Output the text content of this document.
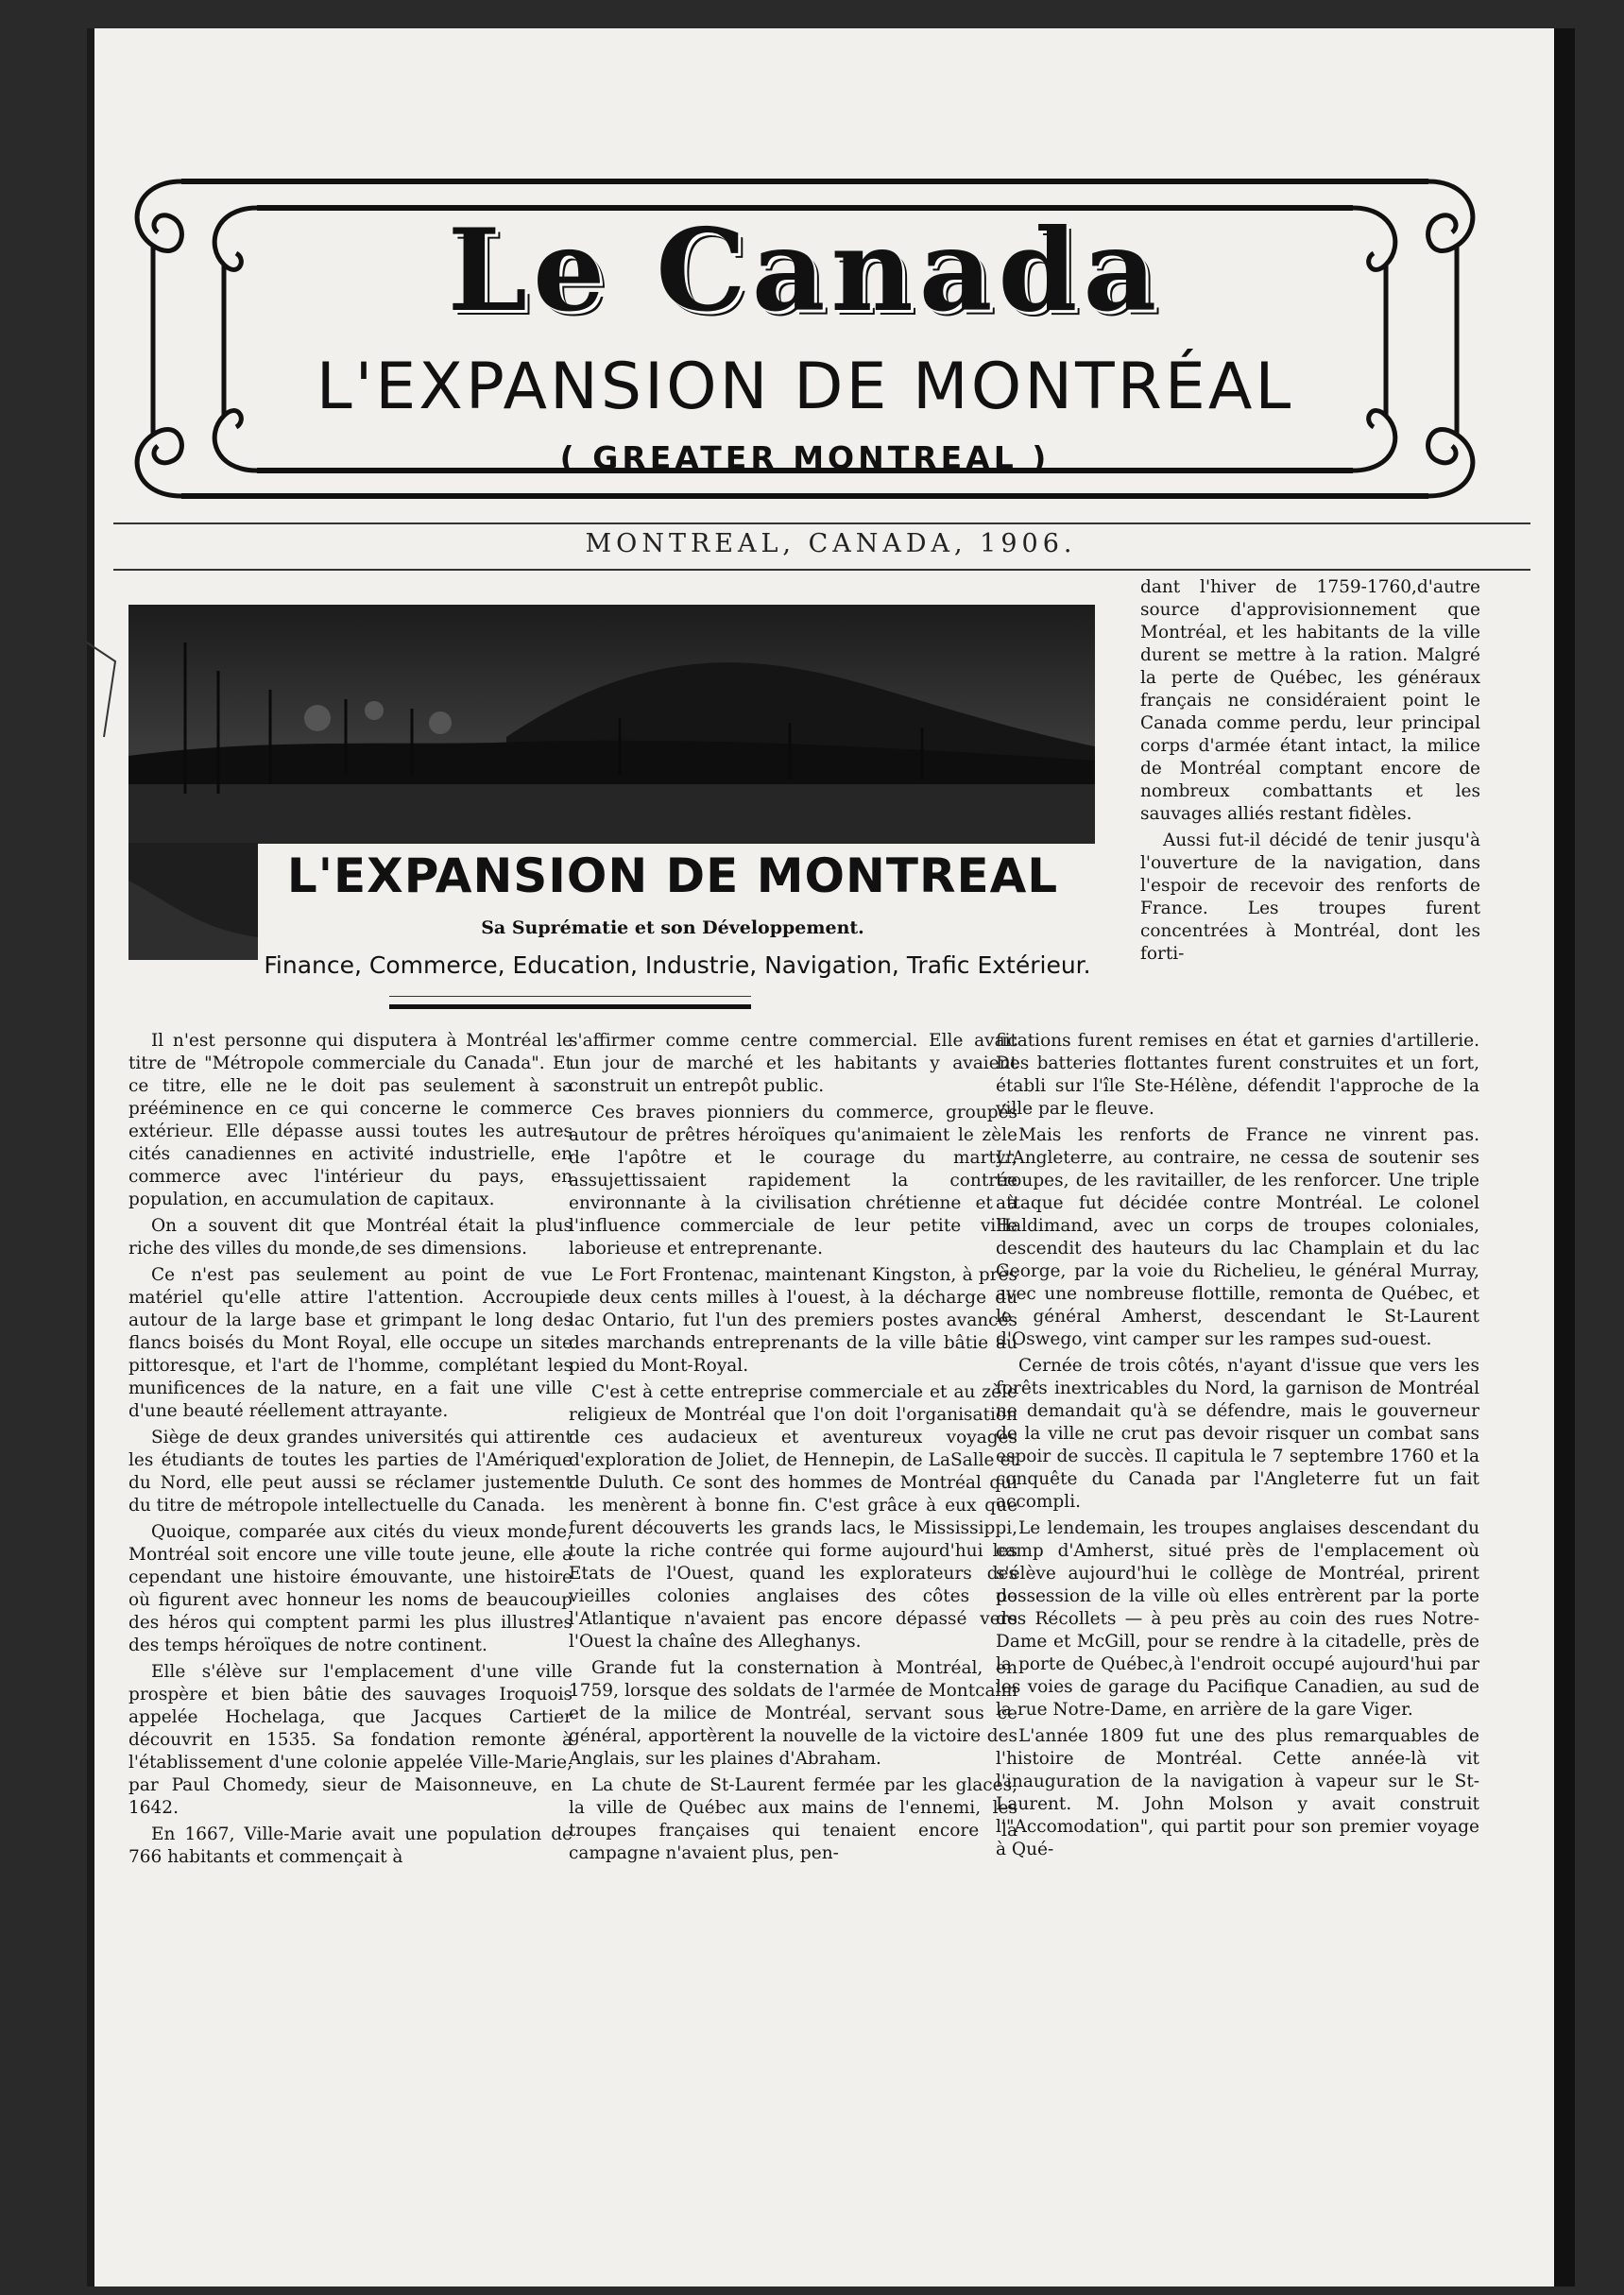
Le Canada
L'EXPANSION DE MONTRÉAL
( GREATER MONTREAL )
MONTREAL, CANADA, 1906.
L'EXPANSION DE MONTREAL
Sa Suprématie et son Développement.
Finance, Commerce, Education, Industrie, Navigation, Trafic Extérieur.

Il n'est personne qui disputera à Montréal le titre de "Métropole commerciale du Canada". Et ce titre, elle ne le doit pas seulement à sa prééminence en ce qui concerne le commerce extérieur. Elle dépasse aussi toutes les autres cités canadiennes en activité industrielle, en commerce avec l'intérieur du pays, en population, en accumulation de capitaux.

On a souvent dit que Montréal était la plus riche des villes du monde,de ses dimensions.

Ce n'est pas seulement au point de vue matériel qu'elle attire l'attention. Accroupie autour de la large base et grimpant le long des flancs boisés du Mont Royal, elle occupe un site pittoresque, et l'art de l'homme, complétant les munificences de la nature, en a fait une ville d'une beauté réellement attrayante.

Siège de deux grandes universités qui attirent les étudiants de toutes les parties de l'Amérique du Nord, elle peut aussi se réclamer justement du titre de métropole intellectuelle du Canada.

Quoique, comparée aux cités du vieux monde, Montréal soit encore une ville toute jeune, elle a cependant une histoire émouvante, une histoire où figurent avec honneur les noms de beaucoup des héros qui comptent parmi les plus illustres des temps héroïques de notre continent.

Elle s'élève sur l'emplacement d'une ville prospère et bien bâtie des sauvages Iroquois appelée Hochelaga, que Jacques Cartier découvrit en 1535. Sa fondation remonte à l'établissement d'une colonie appelée Ville-Marie, par Paul Chomedy, sieur de Maisonneuve, en 1642.

En 1667, Ville-Marie avait une population de 766 habitants et commençait à

s'affirmer comme centre commercial. Elle avait un jour de marché et les habitants y avaient construit un entrepôt public.

Ces braves pionniers du commerce, groupés autour de prêtres héroïques qu'animaient le zèle de l'apôtre et le courage du martyr, assujettissaient rapidement la contrée environnante à la civilisation chrétienne et à l'influence commerciale de leur petite ville laborieuse et entreprenante.

Le Fort Frontenac, maintenant Kingston, à près de deux cents milles à l'ouest, à la décharge du lac Ontario, fut l'un des premiers postes avancés des marchands entreprenants de la ville bâtie au pied du Mont-Royal.

C'est à cette entreprise commerciale et au zèle religieux de Montréal que l'on doit l'organisation de ces audacieux et aventureux voyages d'exploration de Joliet, de Hennepin, de LaSalle et de Duluth. Ce sont des hommes de Montréal qui les menèrent à bonne fin. C'est grâce à eux que furent découverts les grands lacs, le Mississippi, toute la riche contrée qui forme aujourd'hui les Etats de l'Ouest, quand les explorateurs des vieilles colonies anglaises des côtes de l'Atlantique n'avaient pas encore dépassé vers l'Ouest la chaîne des Alleghanys.

Grande fut la consternation à Montréal, en 1759, lorsque des soldats de l'armée de Montcalm et de la milice de Montréal, servant sous ce général, apportèrent la nouvelle de la victoire des Anglais, sur les plaines d'Abraham.

La chute de St-Laurent fermée par les glaces, la ville de Québec aux mains de l'ennemi, les troupes françaises qui tenaient encore la campagne n'avaient plus, pen-

fications furent remises en état et garnies d'artillerie. Des batteries flottantes furent construites et un fort, établi sur l'île Ste-Hélène, défendit l'approche de la ville par le fleuve.

Mais les renforts de France ne vinrent pas. L'Angleterre, au contraire, ne cessa de soutenir ses troupes, de les ravitailler, de les renforcer. Une triple attaque fut décidée contre Montréal. Le colonel Haldimand, avec un corps de troupes coloniales, descendit des hauteurs du lac Champlain et du lac George, par la voie du Richelieu, le général Murray, avec une nombreuse flottille, remonta de Québec, et le général Amherst, descendant le St-Laurent d'Oswego, vint camper sur les rampes sud-ouest.

Cernée de trois côtés, n'ayant d'issue que vers les forêts inextricables du Nord, la garnison de Montréal ne demandait qu'à se défendre, mais le gouverneur de la ville ne crut pas devoir risquer un combat sans espoir de succès. Il capitula le 7 septembre 1760 et la conquête du Canada par l'Angleterre fut un fait accompli.

Le lendemain, les troupes anglaises descendant du camp d'Amherst, situé près de l'emplacement où s'élève aujourd'hui le collège de Montréal, prirent possession de la ville où elles entrèrent par la porte des Récollets — à peu près au coin des rues Notre-Dame et McGill, pour se rendre à la citadelle, près de la porte de Québec,à l'endroit occupé aujourd'hui par les voies de garage du Pacifique Canadien, au sud de la rue Notre-Dame, en arrière de la gare Viger.

L'année 1809 fut une des plus remarquables de l'histoire de Montréal. Cette année-là vit l'inauguration de la navigation à vapeur sur le St-Laurent. M. John Molson y avait construit l'"Accomodation", qui partit pour son premier voyage à Qué-

dant l'hiver de 1759-1760,d'autre source d'approvisionnement que Montréal, et les habitants de la ville durent se mettre à la ration. Malgré la perte de Québec, les généraux français ne considéraient point le Canada comme perdu, leur principal corps d'armée étant intact, la milice de Montréal comptant encore de nombreux combattants et les sauvages alliés restant fidèles.

Aussi fut-il décidé de tenir jusqu'à l'ouverture de la navigation, dans l'espoir de recevoir des renforts de France. Les troupes furent concentrées à Montréal, dont les forti-
